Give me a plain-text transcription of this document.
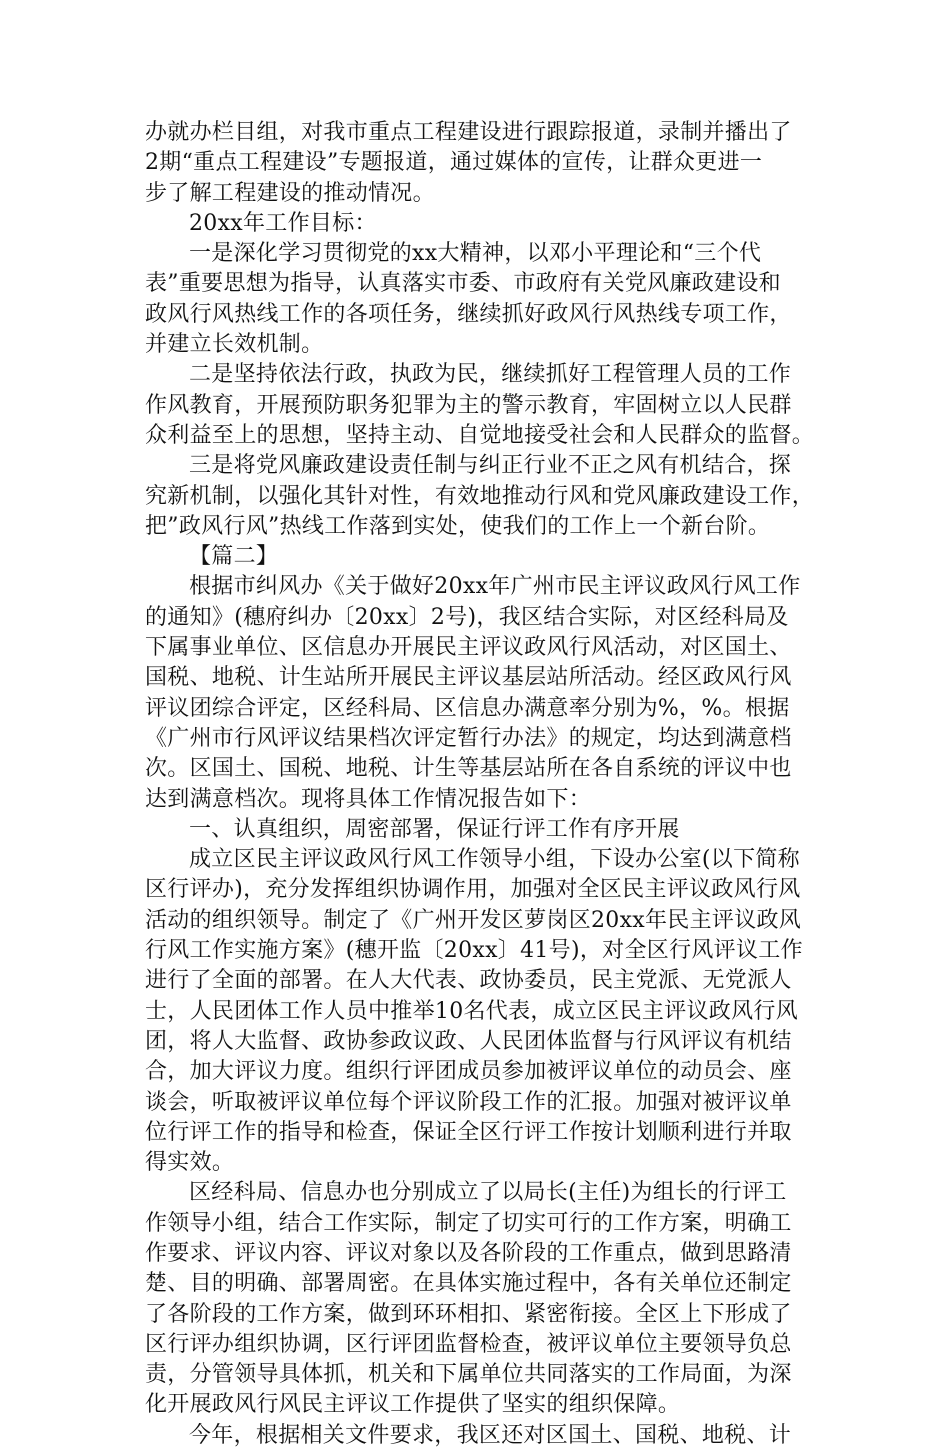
办就办栏目组，对我市重点工程建设进行跟踪报道，录制并播出了
2期“重点工程建设”专题报道，通过媒体的宣传，让群众更进一
步了解工程建设的推动情况。
20xx年工作目标：
一是深化学习贯彻党的xx大精神，以邓小平理论和“三个代
表”重要思想为指导，认真落实市委、市政府有关党风廉政建设和
政风行风热线工作的各项任务，继续抓好政风行风热线专项工作，
并建立长效机制。
二是坚持依法行政，执政为民，继续抓好工程管理人员的工作
作风教育，开展预防职务犯罪为主的警示教育，牢固树立以人民群
众利益至上的思想，坚持主动、自觉地接受社会和人民群众的监督。
三是将党风廉政建设责任制与纠正行业不正之风有机结合，探
究新机制，以强化其针对性，有效地推动行风和党风廉政建设工作，
把”政风行风”热线工作落到实处，使我们的工作上一个新台阶。
【篇二】
根据市纠风办《关于做好20xx年广州市民主评议政风行风工作
的通知》(穗府纠办〔20xx〕2号)，我区结合实际，对区经科局及
下属事业单位、区信息办开展民主评议政风行风活动，对区国土、
国税、地税、计生站所开展民主评议基层站所活动。经区政风行风
评议团综合评定，区经科局、区信息办满意率分别为%，%。根据
《广州市行风评议结果档次评定暂行办法》的规定，均达到满意档
次。区国土、国税、地税、计生等基层站所在各自系统的评议中也
达到满意档次。现将具体工作情况报告如下：
一、认真组织，周密部署，保证行评工作有序开展
成立区民主评议政风行风工作领导小组，下设办公室(以下简称
区行评办)，充分发挥组织协调作用，加强对全区民主评议政风行风
活动的组织领导。制定了《广州开发区萝岗区20xx年民主评议政风
行风工作实施方案》(穗开监〔20xx〕41号)，对全区行风评议工作
进行了全面的部署。在人大代表、政协委员，民主党派、无党派人
士，人民团体工作人员中推举10名代表，成立区民主评议政风行风
团，将人大监督、政协参政议政、人民团体监督与行风评议有机结
合，加大评议力度。组织行评团成员参加被评议单位的动员会、座
谈会，听取被评议单位每个评议阶段工作的汇报。加强对被评议单
位行评工作的指导和检查，保证全区行评工作按计划顺利进行并取
得实效。
区经科局、信息办也分别成立了以局长(主任)为组长的行评工
作领导小组，结合工作实际，制定了切实可行的工作方案，明确工
作要求、评议内容、评议对象以及各阶段的工作重点，做到思路清
楚、目的明确、部署周密。在具体实施过程中，各有关单位还制定
了各阶段的工作方案，做到环环相扣、紧密衔接。全区上下形成了
区行评办组织协调，区行评团监督检查，被评议单位主要领导负总
责，分管领导具体抓，机关和下属单位共同落实的工作局面，为深
化开展政风行风民主评议工作提供了坚实的组织保障。
今年，根据相关文件要求，我区还对区国土、国税、地税、计
